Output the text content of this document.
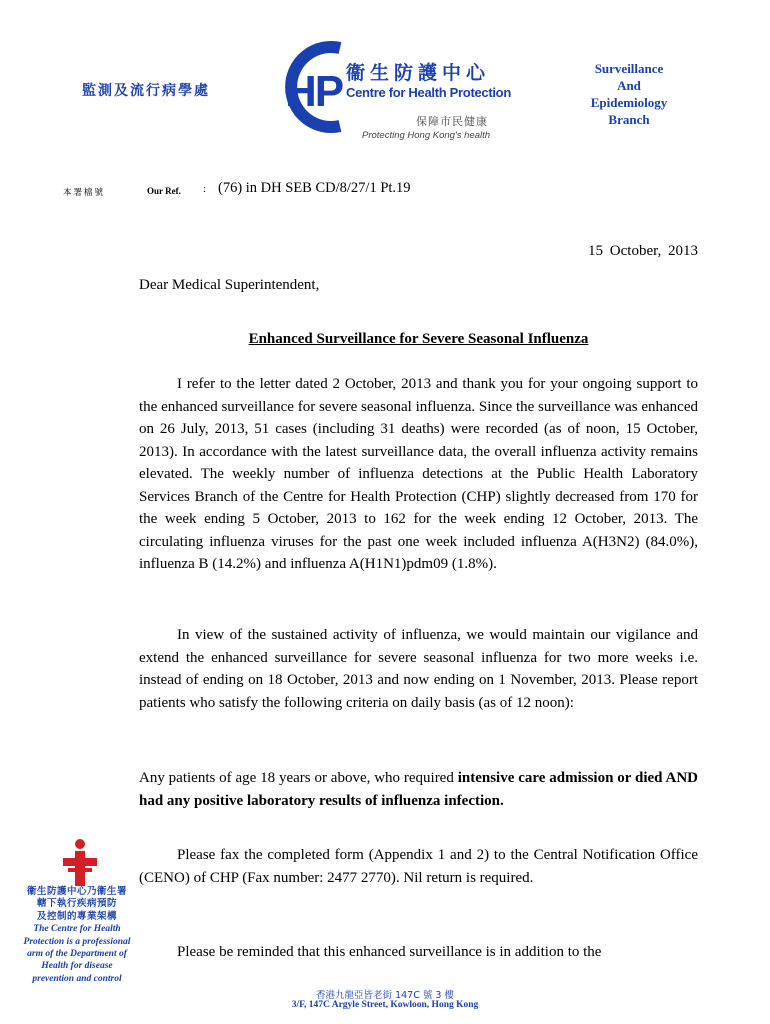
監測及流行病學處 HP 衞生防護中心
Centre for Health Protection
保障市民健康
Protecting Hong Kong's health
Surveillance
And
Epidemiology
Branch
本署檔號	Our Ref. : (76) in DH SEB CD/8/27/1 Pt.19
15 October, 2013
Dear Medical Superintendent,
Enhanced Surveillance for Severe Seasonal Influenza
I refer to the letter dated 2 October, 2013 and thank you for your ongoing support to the enhanced surveillance for severe seasonal influenza. Since the surveillance was enhanced on 26 July, 2013, 51 cases (including 31 deaths) were recorded (as of noon, 15 October, 2013). In accordance with the latest surveillance data, the overall influenza activity remains elevated. The weekly number of influenza detections at the Public Health Laboratory Services Branch of the Centre for Health Protection (CHP) slightly decreased from 170 for the week ending 5 October, 2013 to 162 for the week ending 12 October, 2013. The circulating influenza viruses for the past one week included influenza A(H3N2) (84.0%), influenza B (14.2%) and influenza A(H1N1)pdm09 (1.8%).
In view of the sustained activity of influenza, we would maintain our vigilance and extend the enhanced surveillance for severe seasonal influenza for two more weeks i.e. instead of ending on 18 October, 2013 and now ending on 1 November, 2013. Please report patients who satisfy the following criteria on daily basis (as of 12 noon):
Any patients of age 18 years or above, who required intensive care admission or died AND had any positive laboratory results of influenza infection.
Please fax the completed form (Appendix 1 and 2) to the Central Notification Office (CENO) of CHP (Fax number: 2477 2770). Nil return is required.
Please be reminded that this enhanced surveillance is in addition to the
衞生防護中心乃衞生署
轄下執行疾病預防
及控制的專業架構
The Centre for Health Protection is a professional arm of the Department of Health for disease prevention and control
香港九龍亞皆老街 147C 號 3 樓
3/F, 147C Argyle Street, Kowloon, Hong Kong
